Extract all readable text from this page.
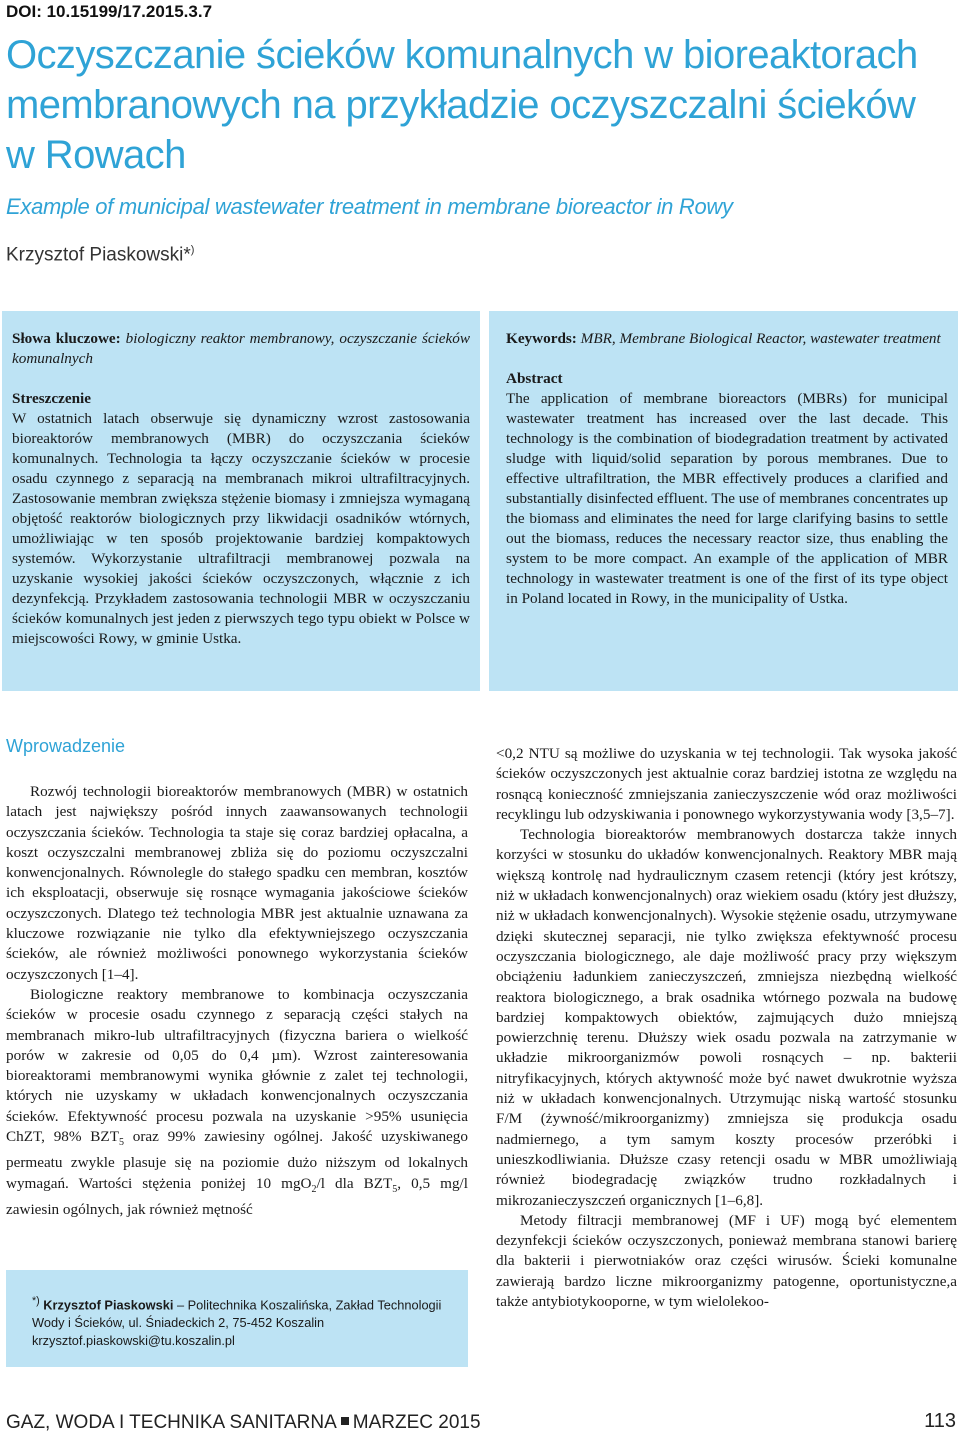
DOI: 10.15199/17.2015.3.7
Oczyszczanie ścieków komunalnych w bioreaktorach membranowych na przykładzie oczyszczalni ścieków w Rowach
Example of municipal wastewater treatment in membrane bioreactor in Rowy
Krzysztof Piaskowski*)
Słowa kluczowe: biologiczny reaktor membranowy, oczyszczanie ścieków komunalnych
Streszczenie
W ostatnich latach obserwuje się dynamiczny wzrost zastosowania bioreaktorów membranowych (MBR) do oczyszczania ścieków komunalnych. Technologia ta łączy oczyszczanie ścieków w procesie osadu czynnego z separacją na membranach mikroi ultrafiltracyjnych. Zastosowanie membran zwiększa stężenie biomasy i zmniejsza wymaganą objętość reaktorów biologicznych przy likwidacji osadników wtórnych, umożliwiając w ten sposób projektowanie bardziej kompaktowych systemów. Wykorzystanie ultrafiltracji membranowej pozwala na uzyskanie wysokiej jakości ścieków oczyszczonych, włącznie z ich dezynfekcją. Przykładem zastosowania technologii MBR w oczyszczaniu ścieków komunalnych jest jeden z pierwszych tego typu obiekt w Polsce w miejscowości Rowy, w gminie Ustka.
Keywords: MBR, Membrane Biological Reactor, wastewater treatment
Abstract
The application of membrane bioreactors (MBRs) for municipal wastewater treatment has increased over the last decade. This technology is the combination of biodegradation treatment by activated sludge with liquid/solid separation by porous membranes. Due to effective ultrafiltration, the MBR effectively produces a clarified and substantially disinfected effluent. The use of membranes concentrates up the biomass and eliminates the need for large clarifying basins to settle out the biomass, reduces the necessary reactor size, thus enabling the system to be more compact. An example of the application of MBR technology in wastewater treatment is one of the first of its type object in Poland located in Rowy, in the municipality of Ustka.
Wprowadzenie

Rozwój technologii bioreaktorów membranowych (MBR) w ostatnich latach jest największy pośród innych zaawansowanych technologii oczyszczania ścieków. Technologia ta staje się coraz bardziej opłacalna, a koszt oczyszczalni membranowej zbliża się do poziomu oczyszczalni konwencjonalnych. Równolegle do stałego spadku cen membran, kosztów ich eksploatacji, obserwuje się rosnące wymagania jakościowe ścieków oczyszczonych. Dlatego też technologia MBR jest aktualnie uznawana za kluczowe rozwiązanie nie tylko dla efektywniejszego oczyszczania ścieków, ale również możliwości ponownego wykorzystania ścieków oczyszczonych [1–4].

Biologiczne reaktory membranowe to kombinacja oczyszczania ścieków w procesie osadu czynnego z separacją części stałych na membranach mikro-lub ultrafiltracyjnych (fizyczna bariera o wielkość porów w zakresie od 0,05 do 0,4 µm). Wzrost zainteresowania bioreaktorami membranowymi wynika głównie z zalet tej technologii, których nie uzyskamy w układach konwencjonalnych oczyszczania ścieków. Efektywność procesu pozwala na uzyskanie >95% usunięcia ChZT, 98% $BZT_5$ oraz 99% zawiesiny ogólnej. Jakość uzyskiwanego permeatu zwykle plasuje się na poziomie dużo niższym od lokalnych wymagań. Wartości stężenia poniżej 10 mgO$_2$/l dla $BZT_5$, 0,5 mg/l zawiesin ogólnych, jak również mętność

<0,2 NTU są możliwe do uzyskania w tej technologii. Tak wysoka jakość ścieków oczyszczonych jest aktualnie coraz bardziej istotna ze względu na rosnącą konieczność zmniejszania zanieczyszczenie wód oraz możliwości recyklingu lub odzyskiwania i ponownego wykorzystywania wody [3,5–7].

Technologia bioreaktorów membranowych dostarcza także innych korzyści w stosunku do układów konwencjonalnych. Reaktory MBR mają większą kontrolę nad hydraulicznym czasem retencji (który jest krótszy, niż w układach konwencjonalnych) oraz wiekiem osadu (który jest dłuższy, niż w układach konwencjonalnych). Wysokie stężenie osadu, utrzymywane dzięki skutecznej separacji, nie tylko zwiększa efektywność procesu oczyszczania biologicznego, ale daje możliwość pracy przy większym obciążeniu ładunkiem zanieczyszczeń, zmniejsza niezbędną wielkość reaktora biologicznego, a brak osadnika wtórnego pozwala na budowę bardziej kompaktowych obiektów, zajmujących dużo mniejszą powierzchnię terenu. Dłuższy wiek osadu pozwala na zatrzymanie w układzie mikroorganizmów powoli rosnących – np. bakterii nitryfikacyjnych, których aktywność może być nawet dwukrotnie wyższa niż w układach konwencjonalnych. Utrzymując niską wartość stosunku F/M (żywność/mikroorganizmy) zmniejsza się produkcja osadu nadmiernego, a tym samym koszty procesów przeróbki i unieszkodliwiania. Dłuższe czasy retencji osadu w MBR umożliwiają również biodegradację związków trudno rozkładalnych i mikrozanieczyszczeń organicznych [1–6,8].

Metody filtracji membranowej (MF i UF) mogą być elementem dezynfekcji ścieków oczyszczonych, ponieważ membrana stanowi barierę dla bakterii i pierwotniaków oraz części wirusów. Ścieki komunalne zawierają bardzo liczne mikroorganizmy patogenne, oportunistyczne,a także antybiotykooporne, w tym wielolekoo-

*) Krzysztof Piaskowski – Politechnika Koszalińska, Zakład Technologii Wody i Ścieków, ul. Śniadeckich 2, 75-452 Koszalin krzysztof.piaskowski@tu.koszalin.pl
GAZ, WODA I TECHNIKA SANITARNA MARZEC 2015	113
